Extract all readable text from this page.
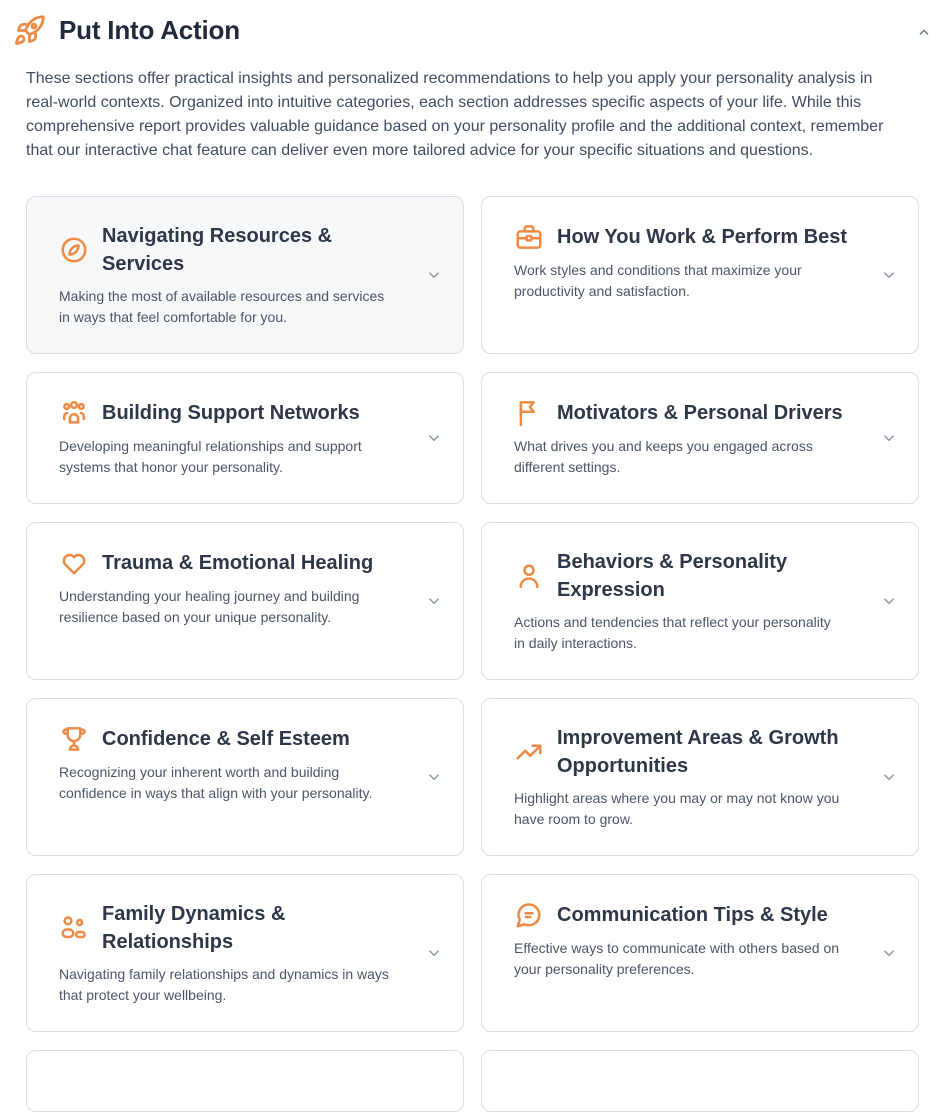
Put Into Action

These sections offer practical insights and personalized recommendations to help you apply your personality analysis in real-world contexts. Organized into intuitive categories, each section addresses specific aspects of your life. While this comprehensive report provides valuable guidance based on your personality profile and the additional context, remember that our interactive chat feature can deliver even more tailored advice for your specific situations and questions.

Navigating Resources & Services

Making the most of available resources and services in ways that feel comfortable for you.

How You Work & Perform Best

Work styles and conditions that maximize your productivity and satisfaction.

Building Support Networks

Developing meaningful relationships and support systems that honor your personality.

Motivators & Personal Drivers

What drives you and keeps you engaged across different settings.

Trauma & Emotional Healing

Understanding your healing journey and building resilience based on your unique personality.

Behaviors & Personality Expression

Actions and tendencies that reflect your personality in daily interactions.

Confidence & Self Esteem

Recognizing your inherent worth and building confidence in ways that align with your personality.

Improvement Areas & Growth Opportunities

Highlight areas where you may or may not know you have room to grow.

Family Dynamics & Relationships

Navigating family relationships and dynamics in ways that protect your wellbeing.

Communication Tips & Style

Effective ways to communicate with others based on your personality preferences.
